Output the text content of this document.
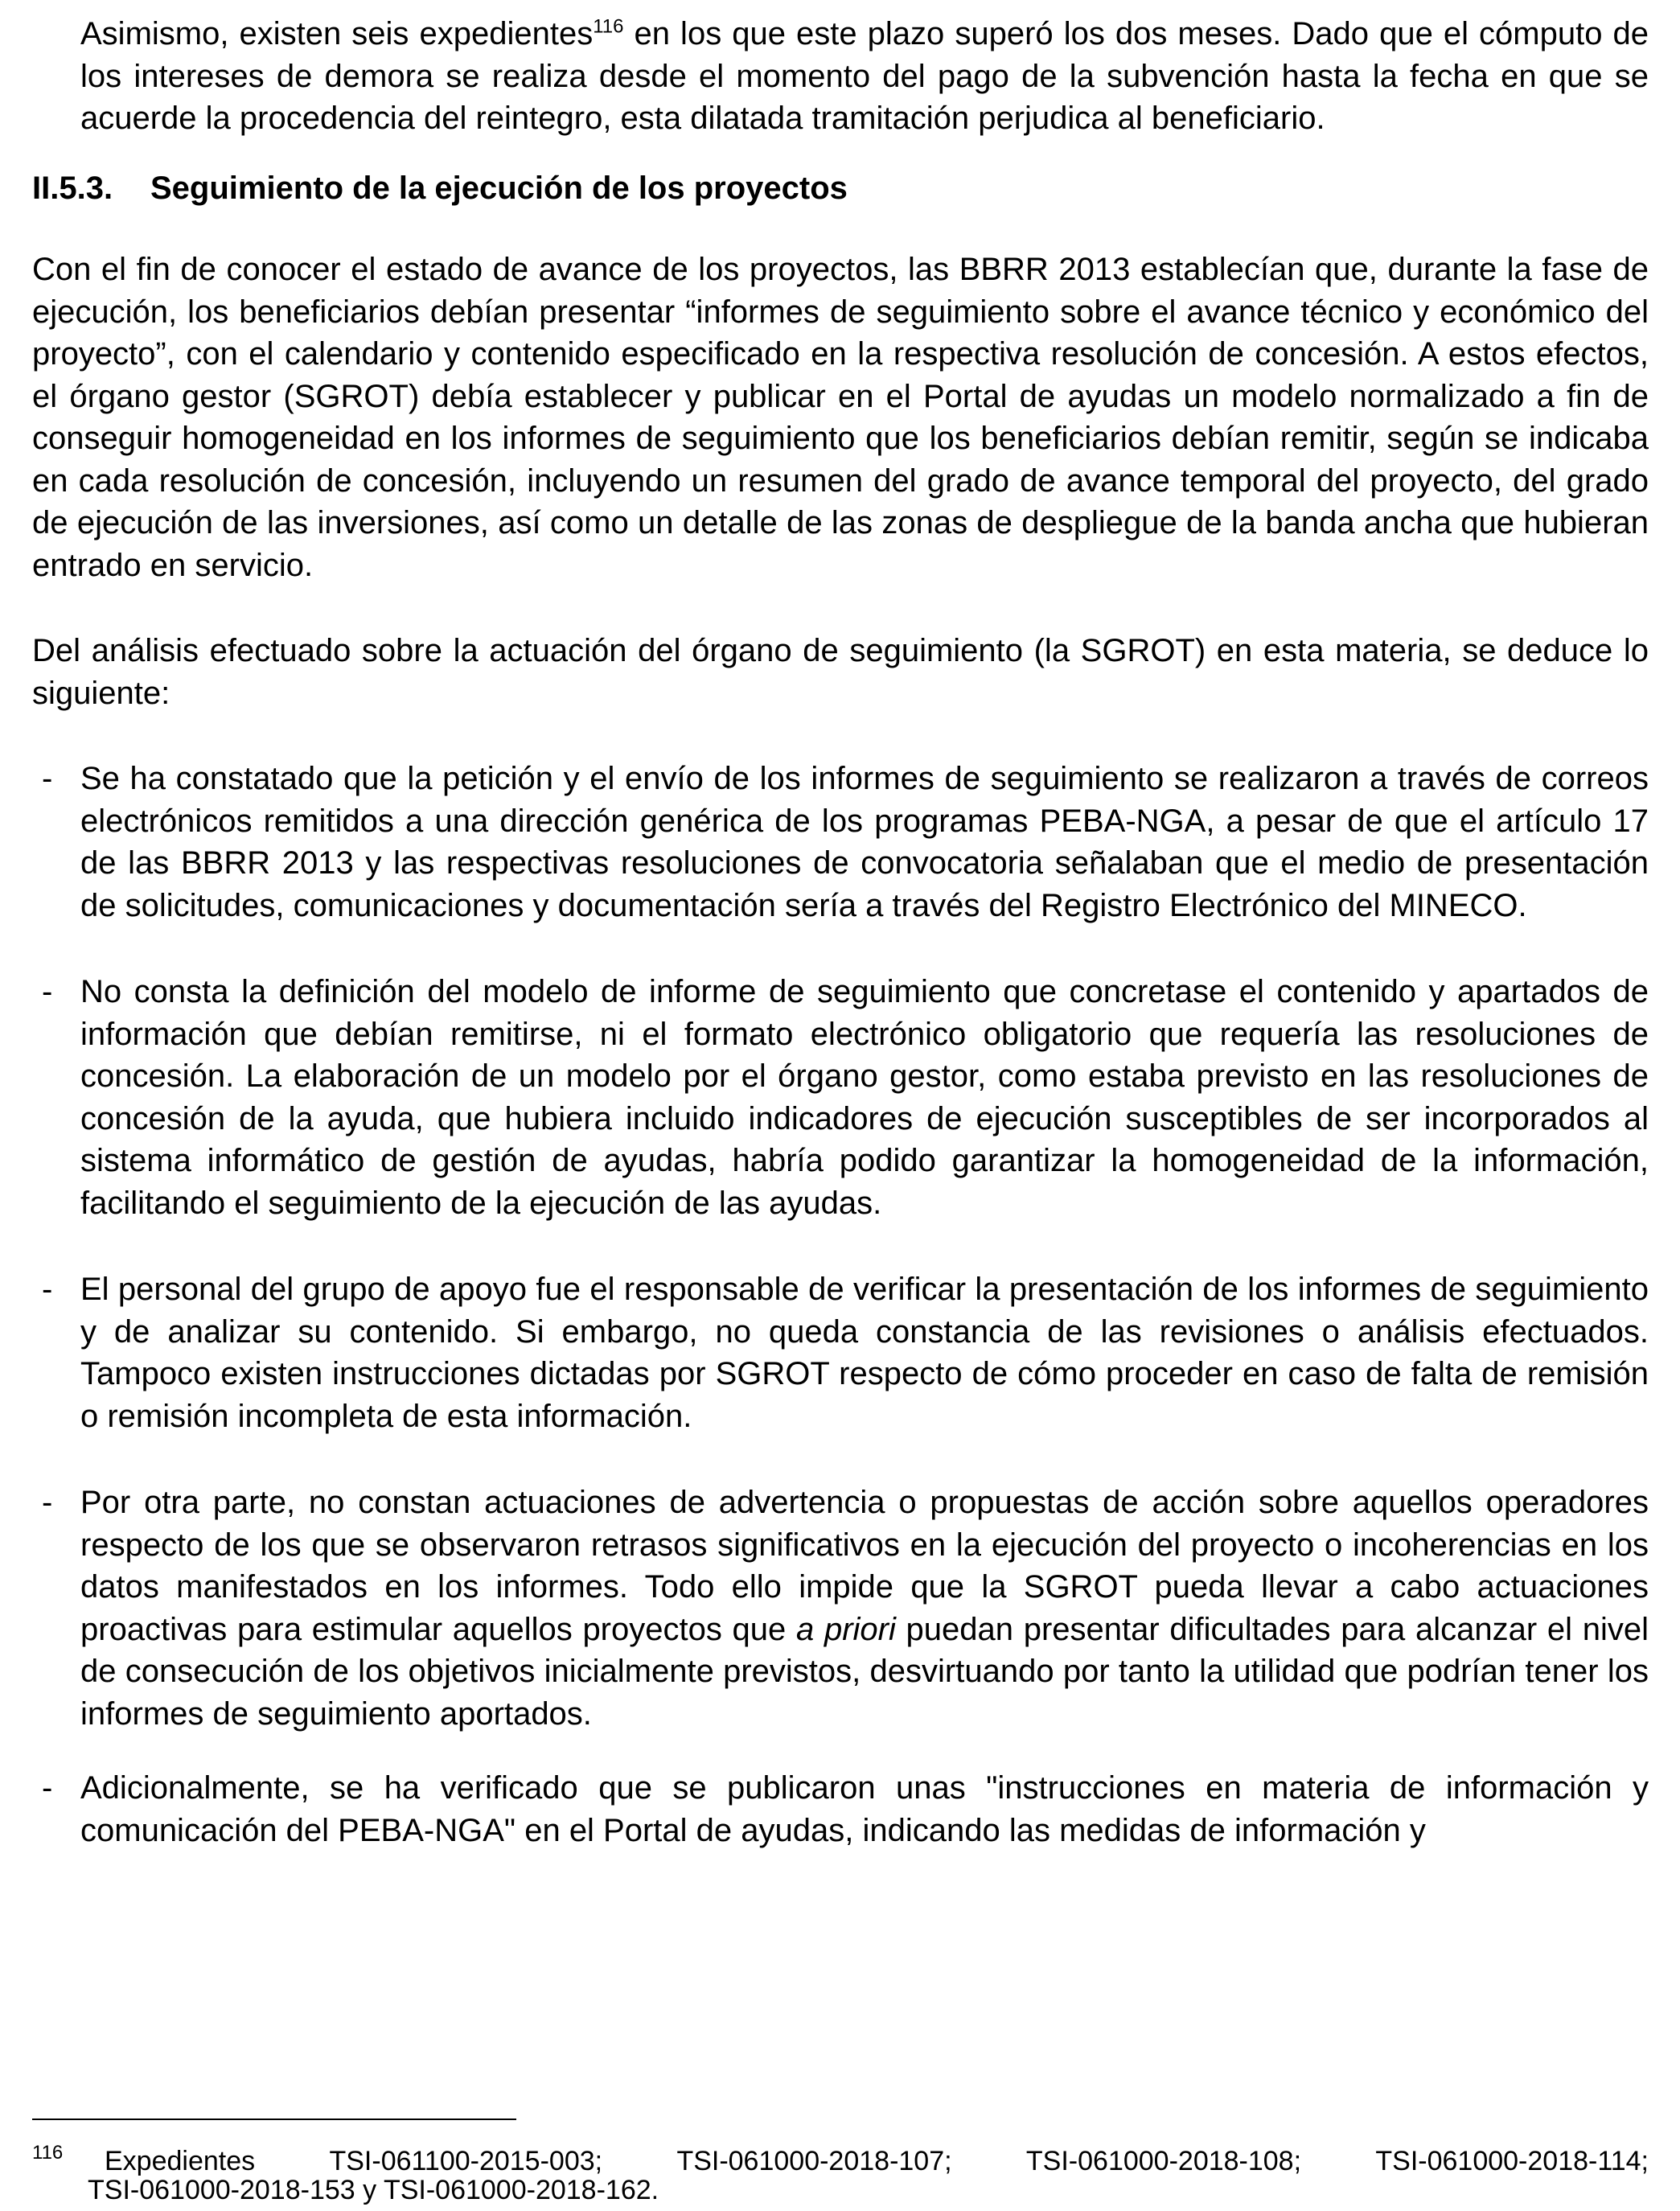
Asimismo, existen seis expedientes$^{116}$ en los que este plazo superó los dos meses. Dado que el cómputo de los intereses de demora se realiza desde el momento del pago de la subvención hasta la fecha en que se acuerde la procedencia del reintegro, esta dilatada tramitación perjudica al beneficiario.

II.5.3.	Seguimiento de la ejecución de los proyectos

Con el fin de conocer el estado de avance de los proyectos, las BBRR 2013 establecían que, durante la fase de ejecución, los beneficiarios debían presentar “informes de seguimiento sobre el avance técnico y económico del proyecto”, con el calendario y contenido especificado en la respectiva resolución de concesión. A estos efectos, el órgano gestor (SGROT) debía establecer y publicar en el Portal de ayudas un modelo normalizado a fin de conseguir homogeneidad en los informes de seguimiento que los beneficiarios debían remitir, según se indicaba en cada resolución de concesión, incluyendo un resumen del grado de avance temporal del proyecto, del grado de ejecución de las inversiones, así como un detalle de las zonas de despliegue de la banda ancha que hubieran entrado en servicio.

Del análisis efectuado sobre la actuación del órgano de seguimiento (la SGROT) en esta materia, se deduce lo siguiente:

- Se ha constatado que la petición y el envío de los informes de seguimiento se realizaron a través de correos electrónicos remitidos a una dirección genérica de los programas PEBA-NGA, a pesar de que el artículo 17 de las BBRR 2013 y las respectivas resoluciones de convocatoria señalaban que el medio de presentación de solicitudes, comunicaciones y documentación sería a través del Registro Electrónico del MINECO.
- No consta la definición del modelo de informe de seguimiento que concretase el contenido y apartados de información que debían remitirse, ni el formato electrónico obligatorio que requería las resoluciones de concesión. La elaboración de un modelo por el órgano gestor, como estaba previsto en las resoluciones de concesión de la ayuda, que hubiera incluido indicadores de ejecución susceptibles de ser incorporados al sistema informático de gestión de ayudas, habría podido garantizar la homogeneidad de la información, facilitando el seguimiento de la ejecución de las ayudas.
- El personal del grupo de apoyo fue el responsable de verificar la presentación de los informes de seguimiento y de analizar su contenido. Si embargo, no queda constancia de las revisiones o análisis efectuados. Tampoco existen instrucciones dictadas por SGROT respecto de cómo proceder en caso de falta de remisión o remisión incompleta de esta información.
- Por otra parte, no constan actuaciones de advertencia o propuestas de acción sobre aquellos operadores respecto de los que se observaron retrasos significativos en la ejecución del proyecto o incoherencias en los datos manifestados en los informes. Todo ello impide que la SGROT pueda llevar a cabo actuaciones proactivas para estimular aquellos proyectos que a priori puedan presentar dificultades para alcanzar el nivel de consecución de los objetivos inicialmente previstos, desvirtuando por tanto la utilidad que podrían tener los informes de seguimiento aportados.
- Adicionalmente, se ha verificado que se publicaron unas "instrucciones en materia de información y comunicación del PEBA-NGA" en el Portal de ayudas, indicando las medidas de información y
116	Expedientes TSI-061100-2015-003; TSI-061000-2018-107; TSI-061000-2018-108; TSI-061000-2018-114;
TSI-061000-2018-153 y TSI-061000-2018-162.
